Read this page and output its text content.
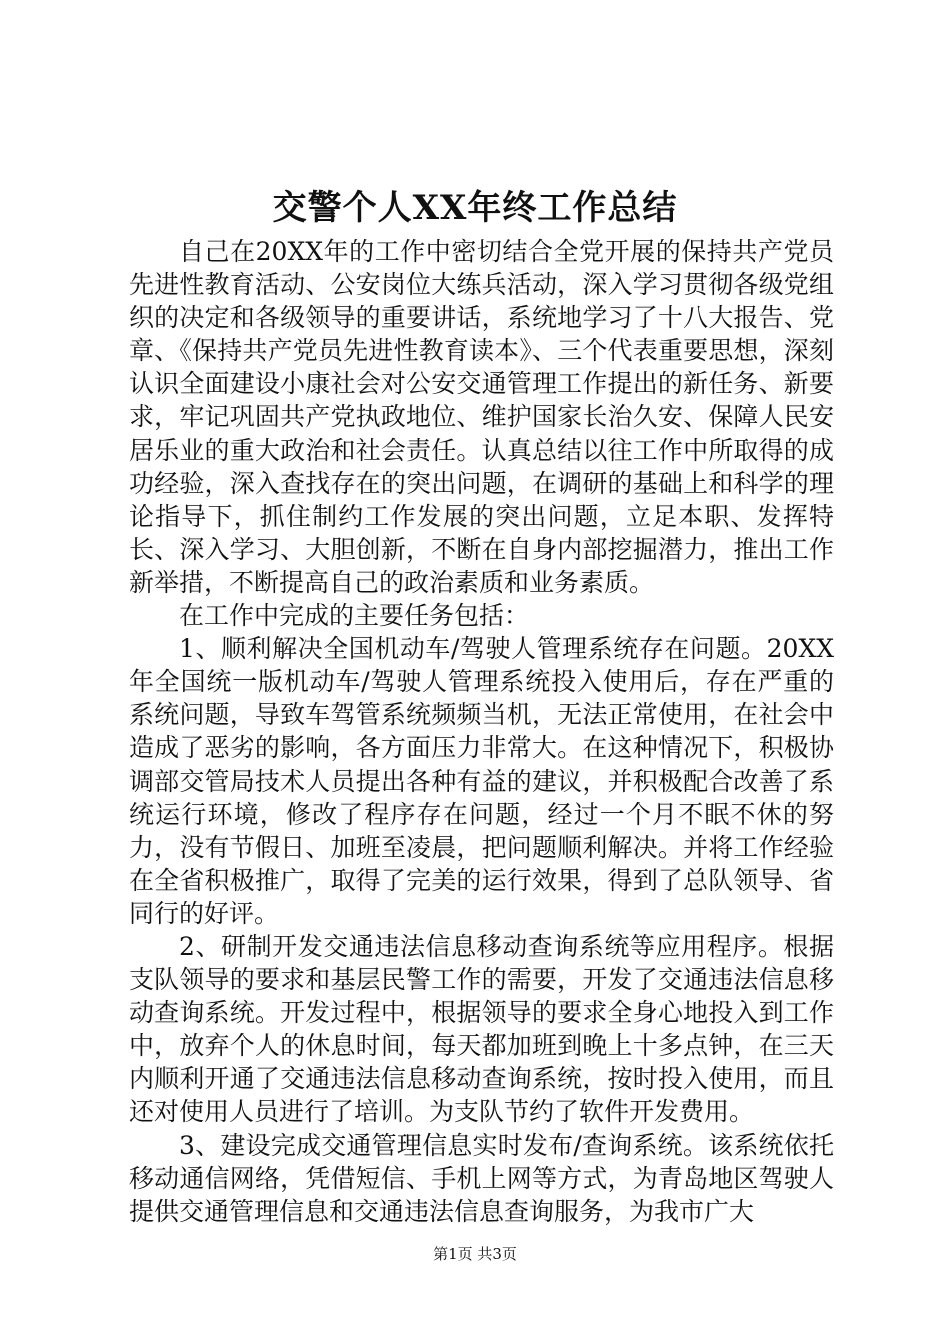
交警个人XX年终工作总结

自己在20XX年的工作中密切结合全党开展的保持共产党员先进性教育活动、公安岗位大练兵活动，深入学习贯彻各级党组织的决定和各级领导的重要讲话，系统地学习了十八大报告、党章、《保持共产党员先进性教育读本》、三个代表重要思想，深刻认识全面建设小康社会对公安交通管理工作提出的新任务、新要求，牢记巩固共产党执政地位、维护国家长治久安、保障人民安居乐业的重大政治和社会责任。认真总结以往工作中所取得的成功经验，深入查找存在的突出问题，在调研的基础上和科学的理论指导下，抓住制约工作发展的突出问题，立足本职、发挥特长、深入学习、大胆创新，不断在自身内部挖掘潜力，推出工作新举措，不断提高自己的政治素质和业务素质。

在工作中完成的主要任务包括：

1、顺利解决全国机动车/驾驶人管理系统存在问题。20XX年全国统一版机动车/驾驶人管理系统投入使用后，存在严重的系统问题，导致车驾管系统频频当机，无法正常使用，在社会中造成了恶劣的影响，各方面压力非常大。在这种情况下，积极协调部交管局技术人员提出各种有益的建议，并积极配合改善了系统运行环境，修改了程序存在问题，经过一个月不眠不休的努力，没有节假日、加班至凌晨，把问题顺利解决。并将工作经验在全省积极推广，取得了完美的运行效果，得到了总队领导、省同行的好评。

2、研制开发交通违法信息移动查询系统等应用程序。根据支队领导的要求和基层民警工作的需要，开发了交通违法信息移动查询系统。开发过程中，根据领导的要求全身心地投入到工作中，放弃个人的休息时间，每天都加班到晚上十多点钟，在三天内顺利开通了交通违法信息移动查询系统，按时投入使用，而且还对使用人员进行了培训。为支队节约了软件开发费用。

3、建设完成交通管理信息实时发布/查询系统。该系统依托移动通信网络，凭借短信、手机上网等方式，为青岛地区驾驶人提供交通管理信息和交通违法信息查询服务，为我市广大

第1页 共3页
